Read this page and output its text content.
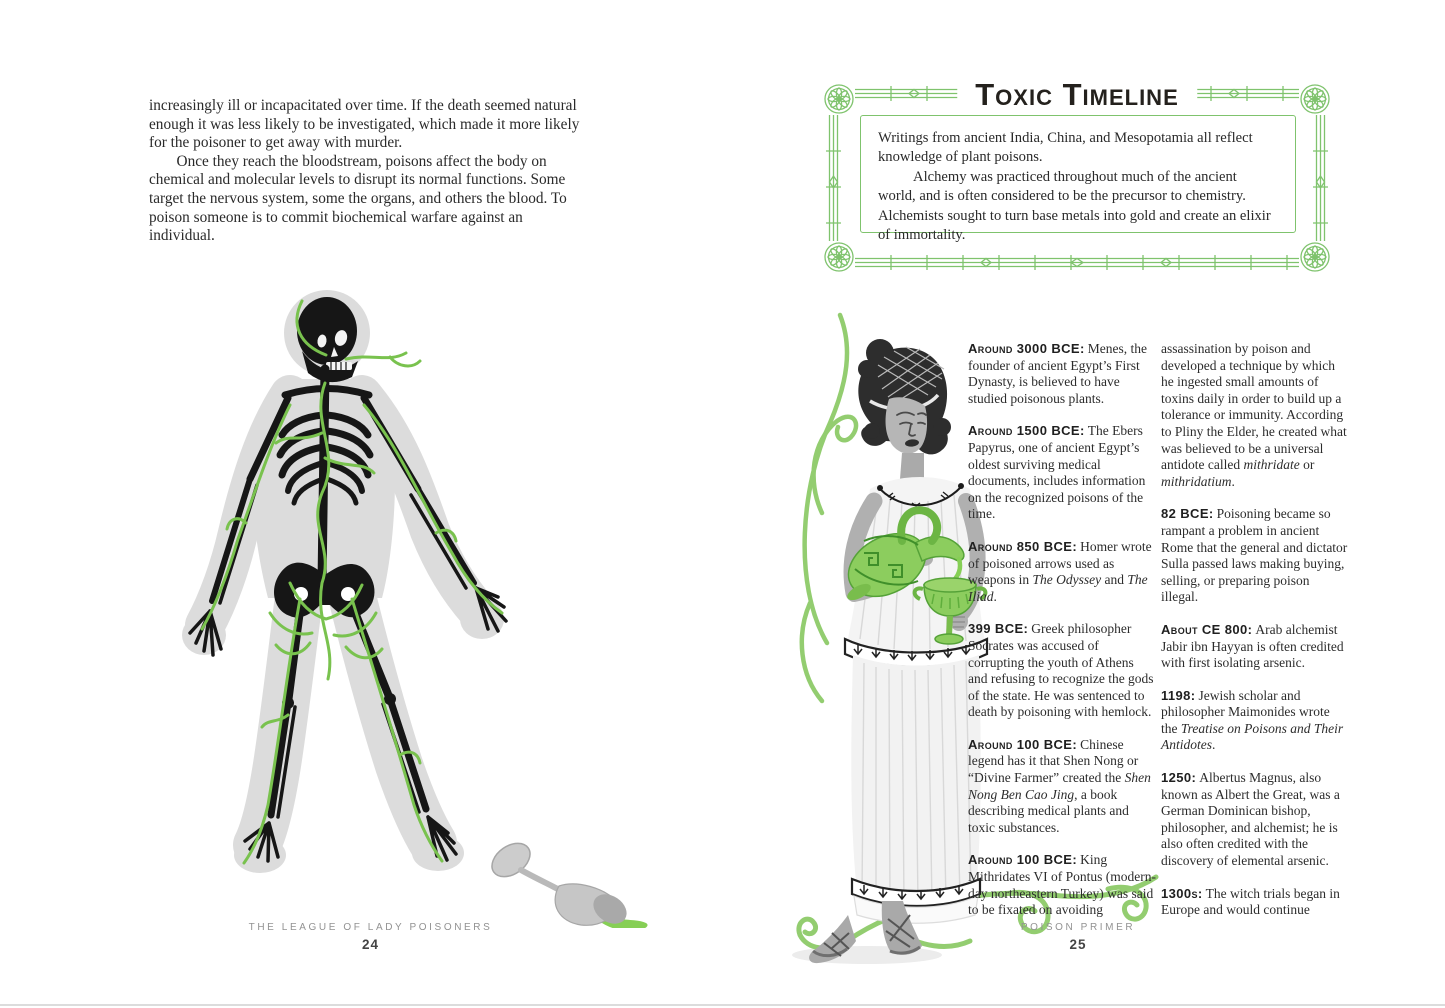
increasingly ill or incapacitated over time. If the death seemed natural enough it was less likely to be investigated, which made it more likely for the poisoner to get away with murder.

Once they reach the bloodstream, poisons affect the body on chemical and molecular levels to disrupt its normal functions. Some target the nervous system, some the organs, and others the blood. To poison someone is to commit biochemical warfare against an individual.

THE LEAGUE OF LADY POISONERS
24
Toxic Timeline

Writings from ancient India, China, and Mesopotamia all reflect knowledge of plant poisons.

Alchemy was practiced throughout much of the ancient world, and is often considered to be the precursor to chemistry. Alchemists sought to turn base metals into gold and create an elixir of immortality.

Around 3000 BCE: Menes, the founder of ancient Egypt’s First Dynasty, is believed to have studied poisonous plants.

Around 1500 BCE: The Ebers Papyrus, one of ancient Egypt’s oldest surviving medical documents, includes information on the recognized poisons of the time.

Around 850 BCE: Homer wrote of poisoned arrows used as weapons in The Odyssey and The Iliad.

399 BCE: Greek philosopher Socrates was accused of corrupting the youth of Athens and refusing to recognize the gods of the state. He was sentenced to death by poisoning with hemlock.

Around 100 BCE: Chinese legend has it that Shen Nong or “Divine Farmer” created the Shen Nong Ben Cao Jing, a book describing medical plants and toxic substances.

Around 100 BCE: King Mithridates VI of Pontus (modern-day northeastern Turkey) was said to be fixated on avoiding

assassination by poison and developed a technique by which he ingested small amounts of toxins daily in order to build up a tolerance or immunity. According to Pliny the Elder, he created what was believed to be a universal antidote called mithridate or mithridatium.

82 BCE: Poisoning became so rampant a problem in ancient Rome that the general and dictator Sulla passed laws making buying, selling, or preparing poison illegal.

About CE 800: Arab alchemist Jabir ibn Hayyan is often credited with first isolating arsenic.

1198: Jewish scholar and philosopher Maimonides wrote the Treatise on Poisons and Their Antidotes.

1250: Albertus Magnus, also known as Albert the Great, was a German Dominican bishop, philosopher, and alchemist; he is also often credited with the discovery of elemental arsenic.

1300s: The witch trials began in Europe and would continue

POISON PRIMER
25
